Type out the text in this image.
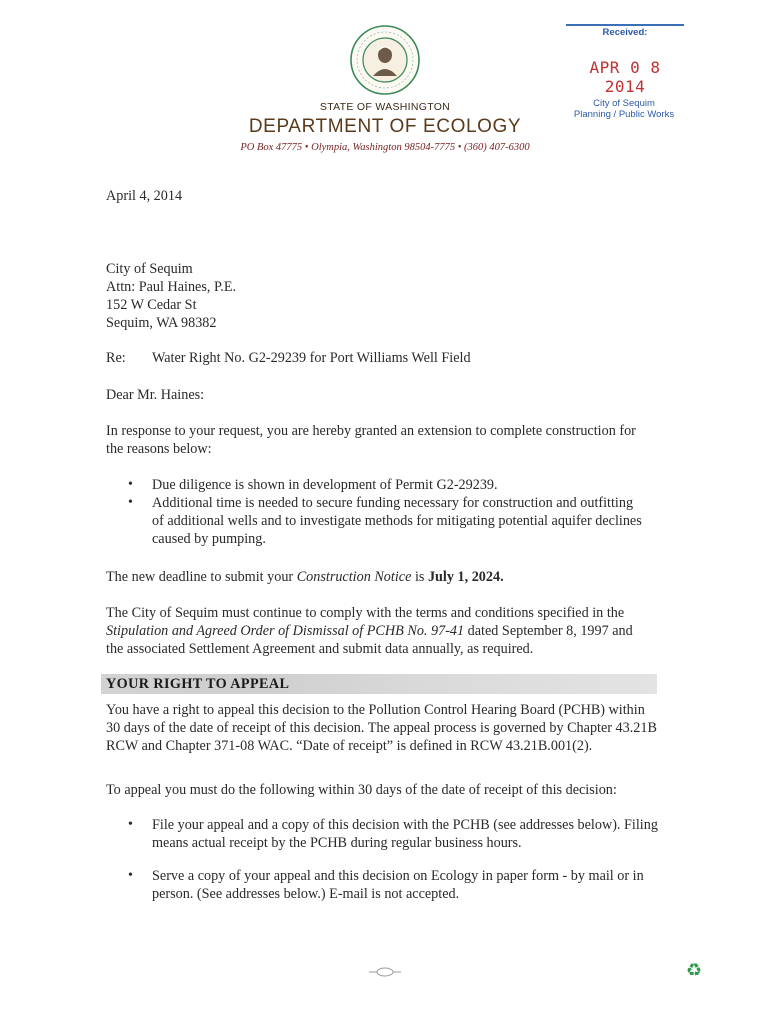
STATE OF WASHINGTON
DEPARTMENT OF ECOLOGY
PO Box 47775 • Olympia, Washington 98504-7775 • (360) 407-6300
Received:
APR 0 8 2014
City of Sequim
Planning / Public Works
April 4, 2014
City of Sequim
Attn: Paul Haines, P.E.
152 W Cedar St
Sequim, WA 98382
Re: Water Right No. G2-29239 for Port Williams Well Field
Dear Mr. Haines:
In response to your request, you are hereby granted an extension to complete construction for the reasons below:
• Due diligence is shown in development of Permit G2-29239.
• Additional time is needed to secure funding necessary for construction and outfitting of additional wells and to investigate methods for mitigating potential aquifer declines caused by pumping.
The new deadline to submit your Construction Notice is July 1, 2024.
The City of Sequim must continue to comply with the terms and conditions specified in the Stipulation and Agreed Order of Dismissal of PCHB No. 97-41 dated September 8, 1997 and the associated Settlement Agreement and submit data annually, as required.
YOUR RIGHT TO APPEAL
You have a right to appeal this decision to the Pollution Control Hearing Board (PCHB) within 30 days of the date of receipt of this decision. The appeal process is governed by Chapter 43.21B RCW and Chapter 371-08 WAC. “Date of receipt” is defined in RCW 43.21B.001(2).
To appeal you must do the following within 30 days of the date of receipt of this decision:
• File your appeal and a copy of this decision with the PCHB (see addresses below). Filing means actual receipt by the PCHB during regular business hours.
• Serve a copy of your appeal and this decision on Ecology in paper form - by mail or in person. (See addresses below.) E-mail is not accepted.
♻
